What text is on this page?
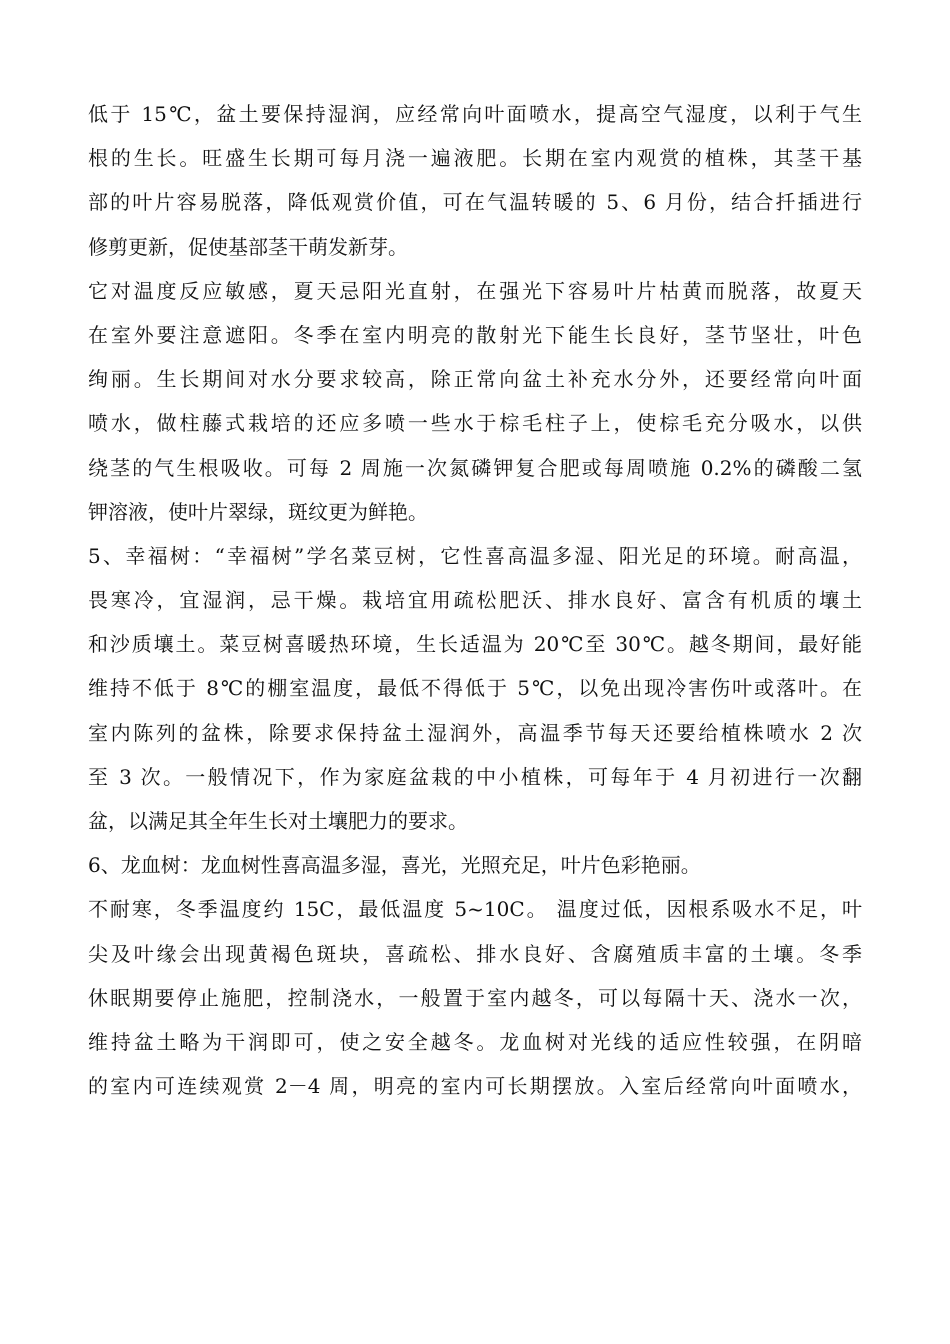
低于 15℃，盆土要保持湿润，应经常向叶面喷水，提高空气湿度，以利于气生
根的生长。旺盛生长期可每月浇一遍液肥。长期在室内观赏的植株，其茎干基
部的叶片容易脱落，降低观赏价值，可在气温转暖的 5、6 月份，结合扦插进行
修剪更新，促使基部茎干萌发新芽。
它对温度反应敏感，夏天忌阳光直射，在强光下容易叶片枯黄而脱落，故夏天
在室外要注意遮阳。冬季在室内明亮的散射光下能生长良好，茎节坚壮，叶色
绚丽。生长期间对水分要求较高，除正常向盆土补充水分外，还要经常向叶面
喷水，做柱藤式栽培的还应多喷一些水于棕毛柱子上，使棕毛充分吸水，以供
绕茎的气生根吸收。可每 2 周施一次氮磷钾复合肥或每周喷施 0.2%的磷酸二氢
钾溶液，使叶片翠绿，斑纹更为鲜艳。
5、幸福树：“幸福树”学名菜豆树，它性喜高温多湿、阳光足的环境。耐高温，
畏寒冷，宜湿润，忌干燥。栽培宜用疏松肥沃、排水良好、富含有机质的壤土
和沙质壤土。菜豆树喜暖热环境，生长适温为 20℃至 30℃。越冬期间，最好能
维持不低于 8℃的棚室温度，最低不得低于 5℃，以免出现冷害伤叶或落叶。在
室内陈列的盆株，除要求保持盆土湿润外，高温季节每天还要给植株喷水 2 次
至 3 次。一般情况下，作为家庭盆栽的中小植株，可每年于 4 月初进行一次翻
盆，以满足其全年生长对土壤肥力的要求。
6、龙血树：龙血树性喜高温多湿，喜光，光照充足，叶片色彩艳丽。
不耐寒，冬季温度约 15C，最低温度 5~10C。 温度过低，因根系吸水不足，叶
尖及叶缘会出现黄褐色斑块，喜疏松、排水良好、含腐殖质丰富的土壤。冬季
休眠期要停止施肥，控制浇水，一般置于室内越冬，可以每隔十天、浇水一次，
维持盆土略为干润即可，使之安全越冬。龙血树对光线的适应性较强，在阴暗
的室内可连续观赏 2－4 周，明亮的室内可长期摆放。入室后经常向叶面喷水，
